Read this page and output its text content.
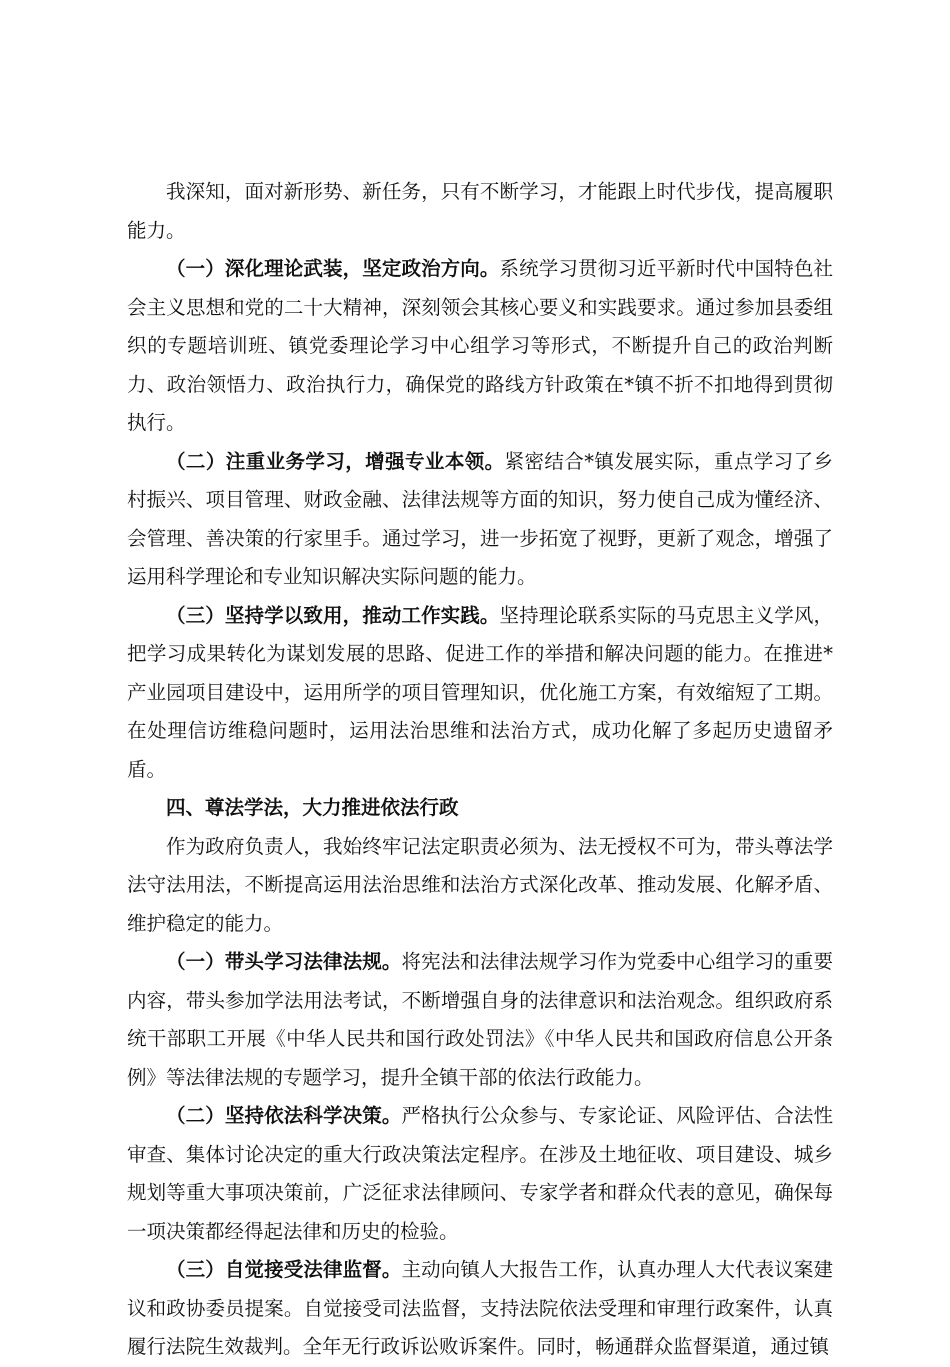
我深知，面对新形势、新任务，只有不断学习，才能跟上时代步伐，提高履职能力。

（一）深化理论武装，坚定政治方向。系统学习贯彻习近平新时代中国特色社会主义思想和党的二十大精神，深刻领会其核心要义和实践要求。通过参加县委组织的专题培训班、镇党委理论学习中心组学习等形式，不断提升自己的政治判断力、政治领悟力、政治执行力，确保党的路线方针政策在*镇不折不扣地得到贯彻执行。

（二）注重业务学习，增强专业本领。紧密结合*镇发展实际，重点学习了乡村振兴、项目管理、财政金融、法律法规等方面的知识，努力使自己成为懂经济、会管理、善决策的行家里手。通过学习，进一步拓宽了视野，更新了观念，增强了运用科学理论和专业知识解决实际问题的能力。

（三）坚持学以致用，推动工作实践。坚持理论联系实际的马克思主义学风，把学习成果转化为谋划发展的思路、促进工作的举措和解决问题的能力。在推进*产业园项目建设中，运用所学的项目管理知识，优化施工方案，有效缩短了工期。在处理信访维稳问题时，运用法治思维和法治方式，成功化解了多起历史遗留矛盾。

四、尊法学法，大力推进依法行政

作为政府负责人，我始终牢记法定职责必须为、法无授权不可为，带头尊法学法守法用法，不断提高运用法治思维和法治方式深化改革、推动发展、化解矛盾、维护稳定的能力。

（一）带头学习法律法规。将宪法和法律法规学习作为党委中心组学习的重要内容，带头参加学法用法考试，不断增强自身的法律意识和法治观念。组织政府系统干部职工开展《中华人民共和国行政处罚法》《中华人民共和国政府信息公开条例》等法律法规的专题学习，提升全镇干部的依法行政能力。

（二）坚持依法科学决策。严格执行公众参与、专家论证、风险评估、合法性审查、集体讨论决定的重大行政决策法定程序。在涉及土地征收、项目建设、城乡规划等重大事项决策前，广泛征求法律顾问、专家学者和群众代表的意见，确保每一项决策都经得起法律和历史的检验。

（三）自觉接受法律监督。主动向镇人大报告工作，认真办理人大代表议案建议和政协委员提案。自觉接受司法监督，支持法院依法受理和审理行政案件，认真履行法院生效裁判。全年无行政诉讼败诉案件。同时，畅通群众监督渠道，通过镇
